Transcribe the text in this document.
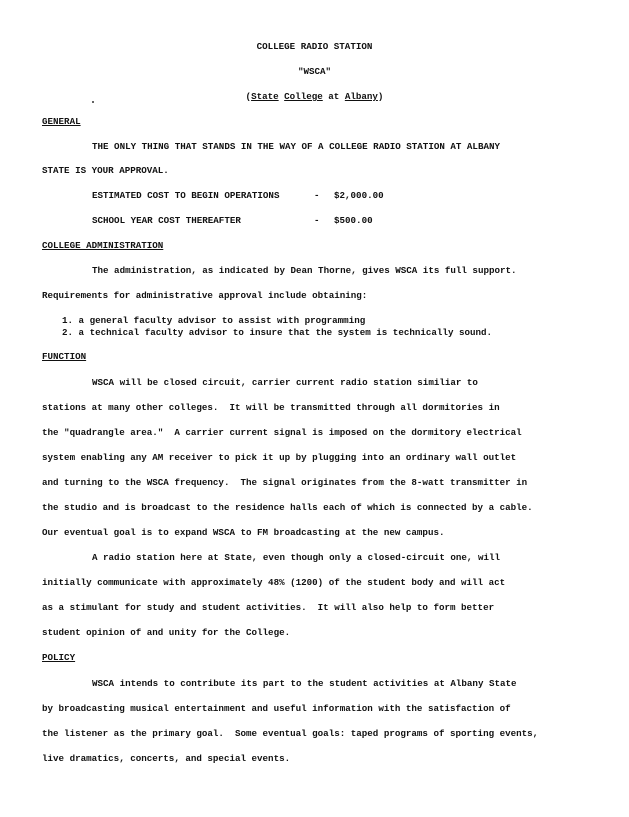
COLLEGE RADIO STATION
"WSCA"
(State College at Albany)
GENERAL
THE ONLY THING THAT STANDS IN THE WAY OF A COLLEGE RADIO STATION AT ALBANY
STATE IS YOUR APPROVAL.
ESTIMATED COST TO BEGIN OPERATIONS	- $2,000.00
SCHOOL YEAR COST THEREAFTER	- $500.00
COLLEGE ADMINISTRATION
The administration, as indicated by Dean Thorne, gives WSCA its full support.
Requirements for administrative approval include obtaining:
1. a general faculty advisor to assist with programming
2. a technical faculty advisor to insure that the system is technically sound.
FUNCTION
WSCA will be closed circuit, carrier current radio station similiar to
stations at many other colleges.  It will be transmitted through all dormitories in
the "quadrangle area."  A carrier current signal is imposed on the dormitory electrical
system enabling any AM receiver to pick it up by plugging into an ordinary wall outlet
and turning to the WSCA frequency.  The signal originates from the 8-watt transmitter in
the studio and is broadcast to the residence halls each of which is connected by a cable.
Our eventual goal is to expand WSCA to FM broadcasting at the new campus.
A radio station here at State, even though only a closed-circuit one, will
initially communicate with approximately 48% (1200) of the student body and will act
as a stimulant for study and student activities.  It will also help to form better
student opinion of and unity for the College.
POLICY
WSCA intends to contribute its part to the student activities at Albany State
by broadcasting musical entertainment and useful information with the satisfaction of
the listener as the primary goal.  Some eventual goals: taped programs of sporting events,
live dramatics, concerts, and special events.
